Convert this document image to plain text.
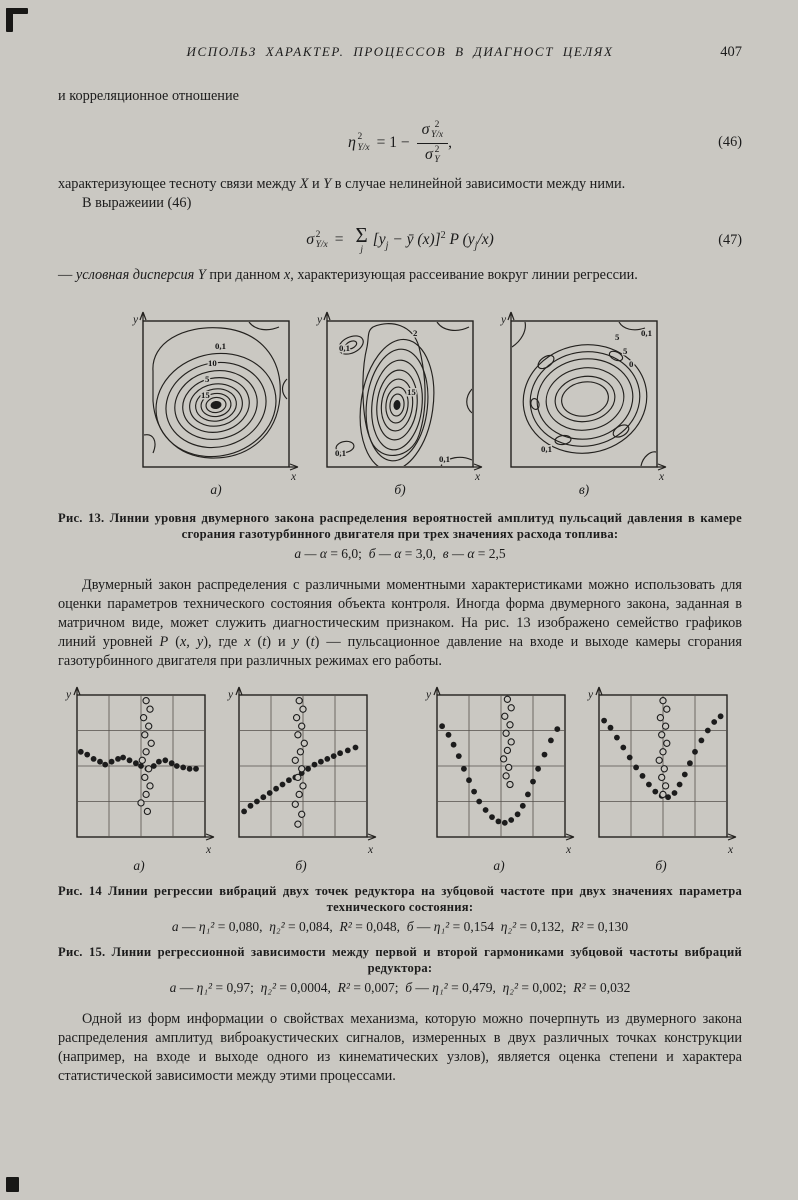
ИСПОЛЬЗ ХАРАКТЕР. ПРОЦЕССОВ В ДИАГНОСТ ЦЕЛЯХ	407
и корреляционное отношение
η 2
Y/x = 1 − σ 2
Y/x
σ 2
Y ,	(46)
характеризующее тесноту связи между X и Y в случае нелинейной зависимости между ними.
В выражеиии (46)
σ 2
Y/x = Σ
j
[$y_j$ − ȳ (x)]$^2$ P $(y_j/x)$	(47)
— условная дисперсия Y при данном x, характеризующая рассеивание вокруг линии регрессии.
y
x
0,1
10
5
15
а)
y
x
0,1
2
15
0,1
0,1
б)
y
x
5
5
0
0,1
0,1
в)
Рис. 13. Линии уровня двумерного закона распределения вероятностей амплитуд пульсаций давления в камере сгорания газотурбинного двигателя при трех значениях расхода топлива:
а — α = 6,0;  б — α = 3,0,  в — α = 2,5
Двумерный закон распределения с различными моментными характеристиками можно использовать для оценки параметров технического состояния объекта контроля. Иногда форма двумерного закона, заданная в матричном виде, может служить диагностическим признаком. На рис. 13 изображено семейство графиков линий уровней P (x, y), где x (t) и y (t) — пульсационное давление на входе и выходе камеры сгорания газотурбинного двигателя при различных режимах его работы.
y
x
а)
y
x
б)
y
x
а)
y
x
б)
Рис. 14 Линии регрессии вибраций двух точек редуктора на зубцовой частоте при двух значениях параметра технического состояния:
а — η₁² = 0,080,  η₂² = 0,084,  R² = 0,048,  б — η₁² = 0,154  η₂² = 0,132,  R² = 0,130
Рис. 15. Линии регрессионной зависимости между первой и второй гармониками зубцовой частоты вибраций редуктора:
а — η₁² = 0,97;  η₂² = 0,0004,  R² = 0,007;  б — η₁² = 0,479,  η₂² = 0,002;  R² = 0,032
Одной из форм информации о свойствах механизма, которую можно почерпнуть из двумерного закона распределения амплитуд виброакустических сигналов, измеренных в двух различных точках конструкции (например, на входе и выходе одного из кинематических узлов), является оценка степени и характера статистической зависимости между этими процессами.
